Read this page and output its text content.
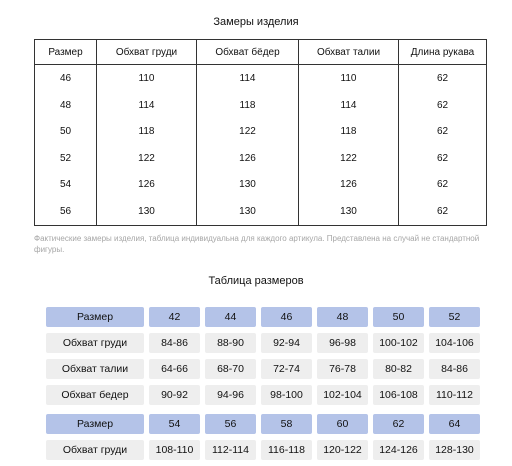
Замеры изделия
Размер	Обхват груди	Обхват бёдер	Обхват талии	Длина рукава
46	110	114	110	62
48	114	118	114	62
50	118	122	118	62
52	122	126	122	62
54	126	130	126	62
56	130	130	130	62
Фактические замеры изделия, таблица индивидуальна для каждого артикула. Представлена на случай не стандартной фигуры.
Таблица размеров
Размер	42	44	46	48	50	52
Обхват груди	84-86	88-90	92-94	96-98	100-102	104-106
Обхват талии	64-66	68-70	72-74	76-78	80-82	84-86
Обхват бедер	90-92	94-96	98-100	102-104	106-108	110-112
Размер	54	56	58	60	62	64
Обхват груди	108-110	112-114	116-118	120-122	124-126	128-130
